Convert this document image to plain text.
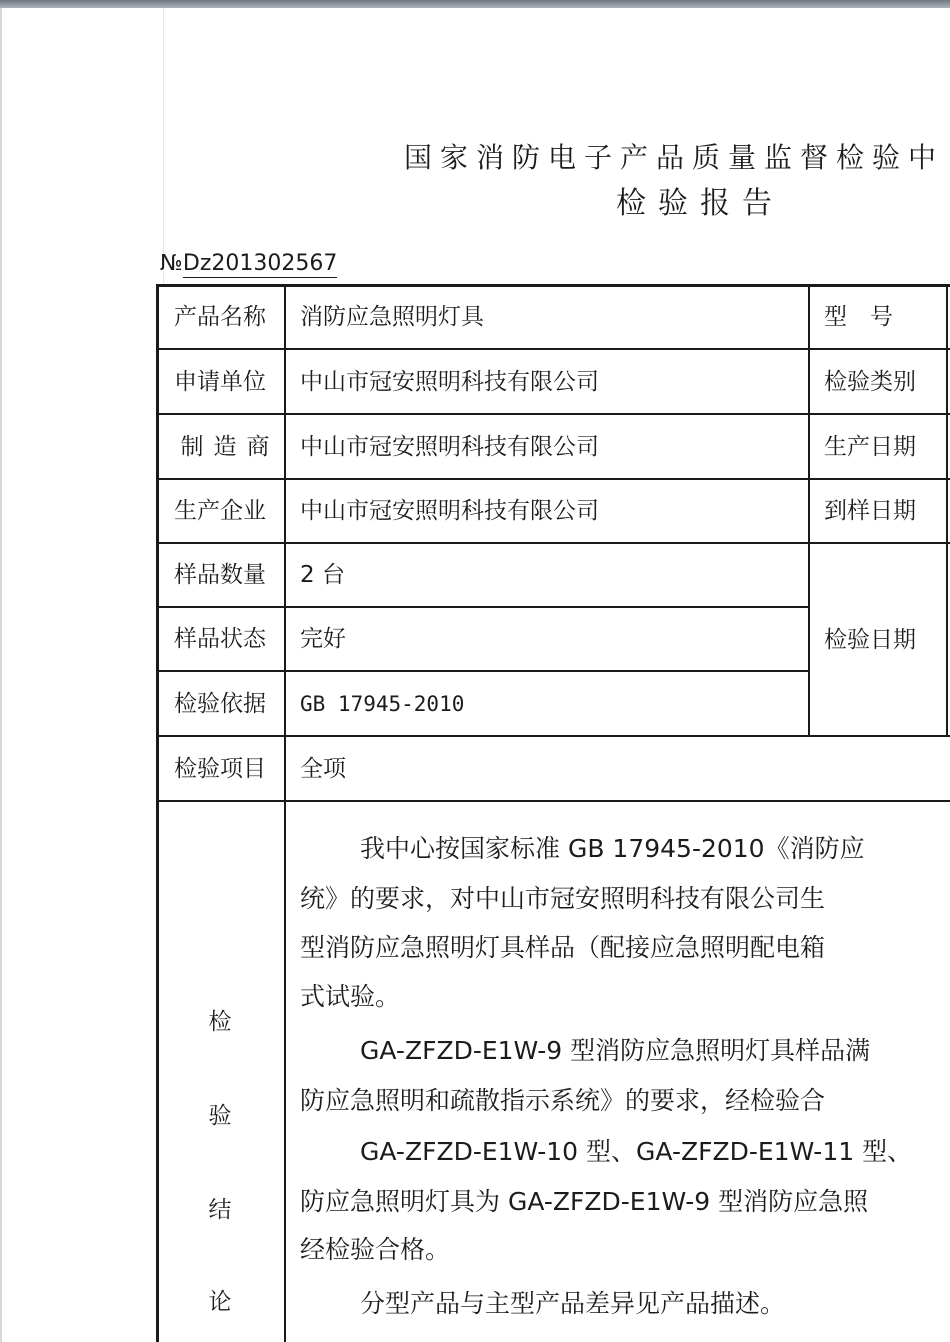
国家消防电子产品质量监督检验中
检验报告
№Dz201302567
产品名称	消防应急照明灯具	型　号
申请单位	中山市冠安照明科技有限公司	检验类别
制造商 中山市冠安照明科技有限公司	生产日期
生产企业	中山市冠安照明科技有限公司	到样日期
样品数量	2 台
样品状态	完好	检验日期
检验依据	GB 17945-2010
检验项目	全项
检
验
结
论
我中心按国家标准 GB 17945-2010《消防应
统》的要求，对中山市冠安照明科技有限公司生
型消防应急照明灯具样品（配接应急照明配电箱
式试验。
GA-ZFZD-E1W-9 型消防应急照明灯具样品满
防应急照明和疏散指示系统》的要求，经检验合
GA-ZFZD-E1W-10 型、GA-ZFZD-E1W-11 型、
防应急照明灯具为 GA-ZFZD-E1W-9 型消防应急照
经检验合格。
分型产品与主型产品差异见产品描述。
